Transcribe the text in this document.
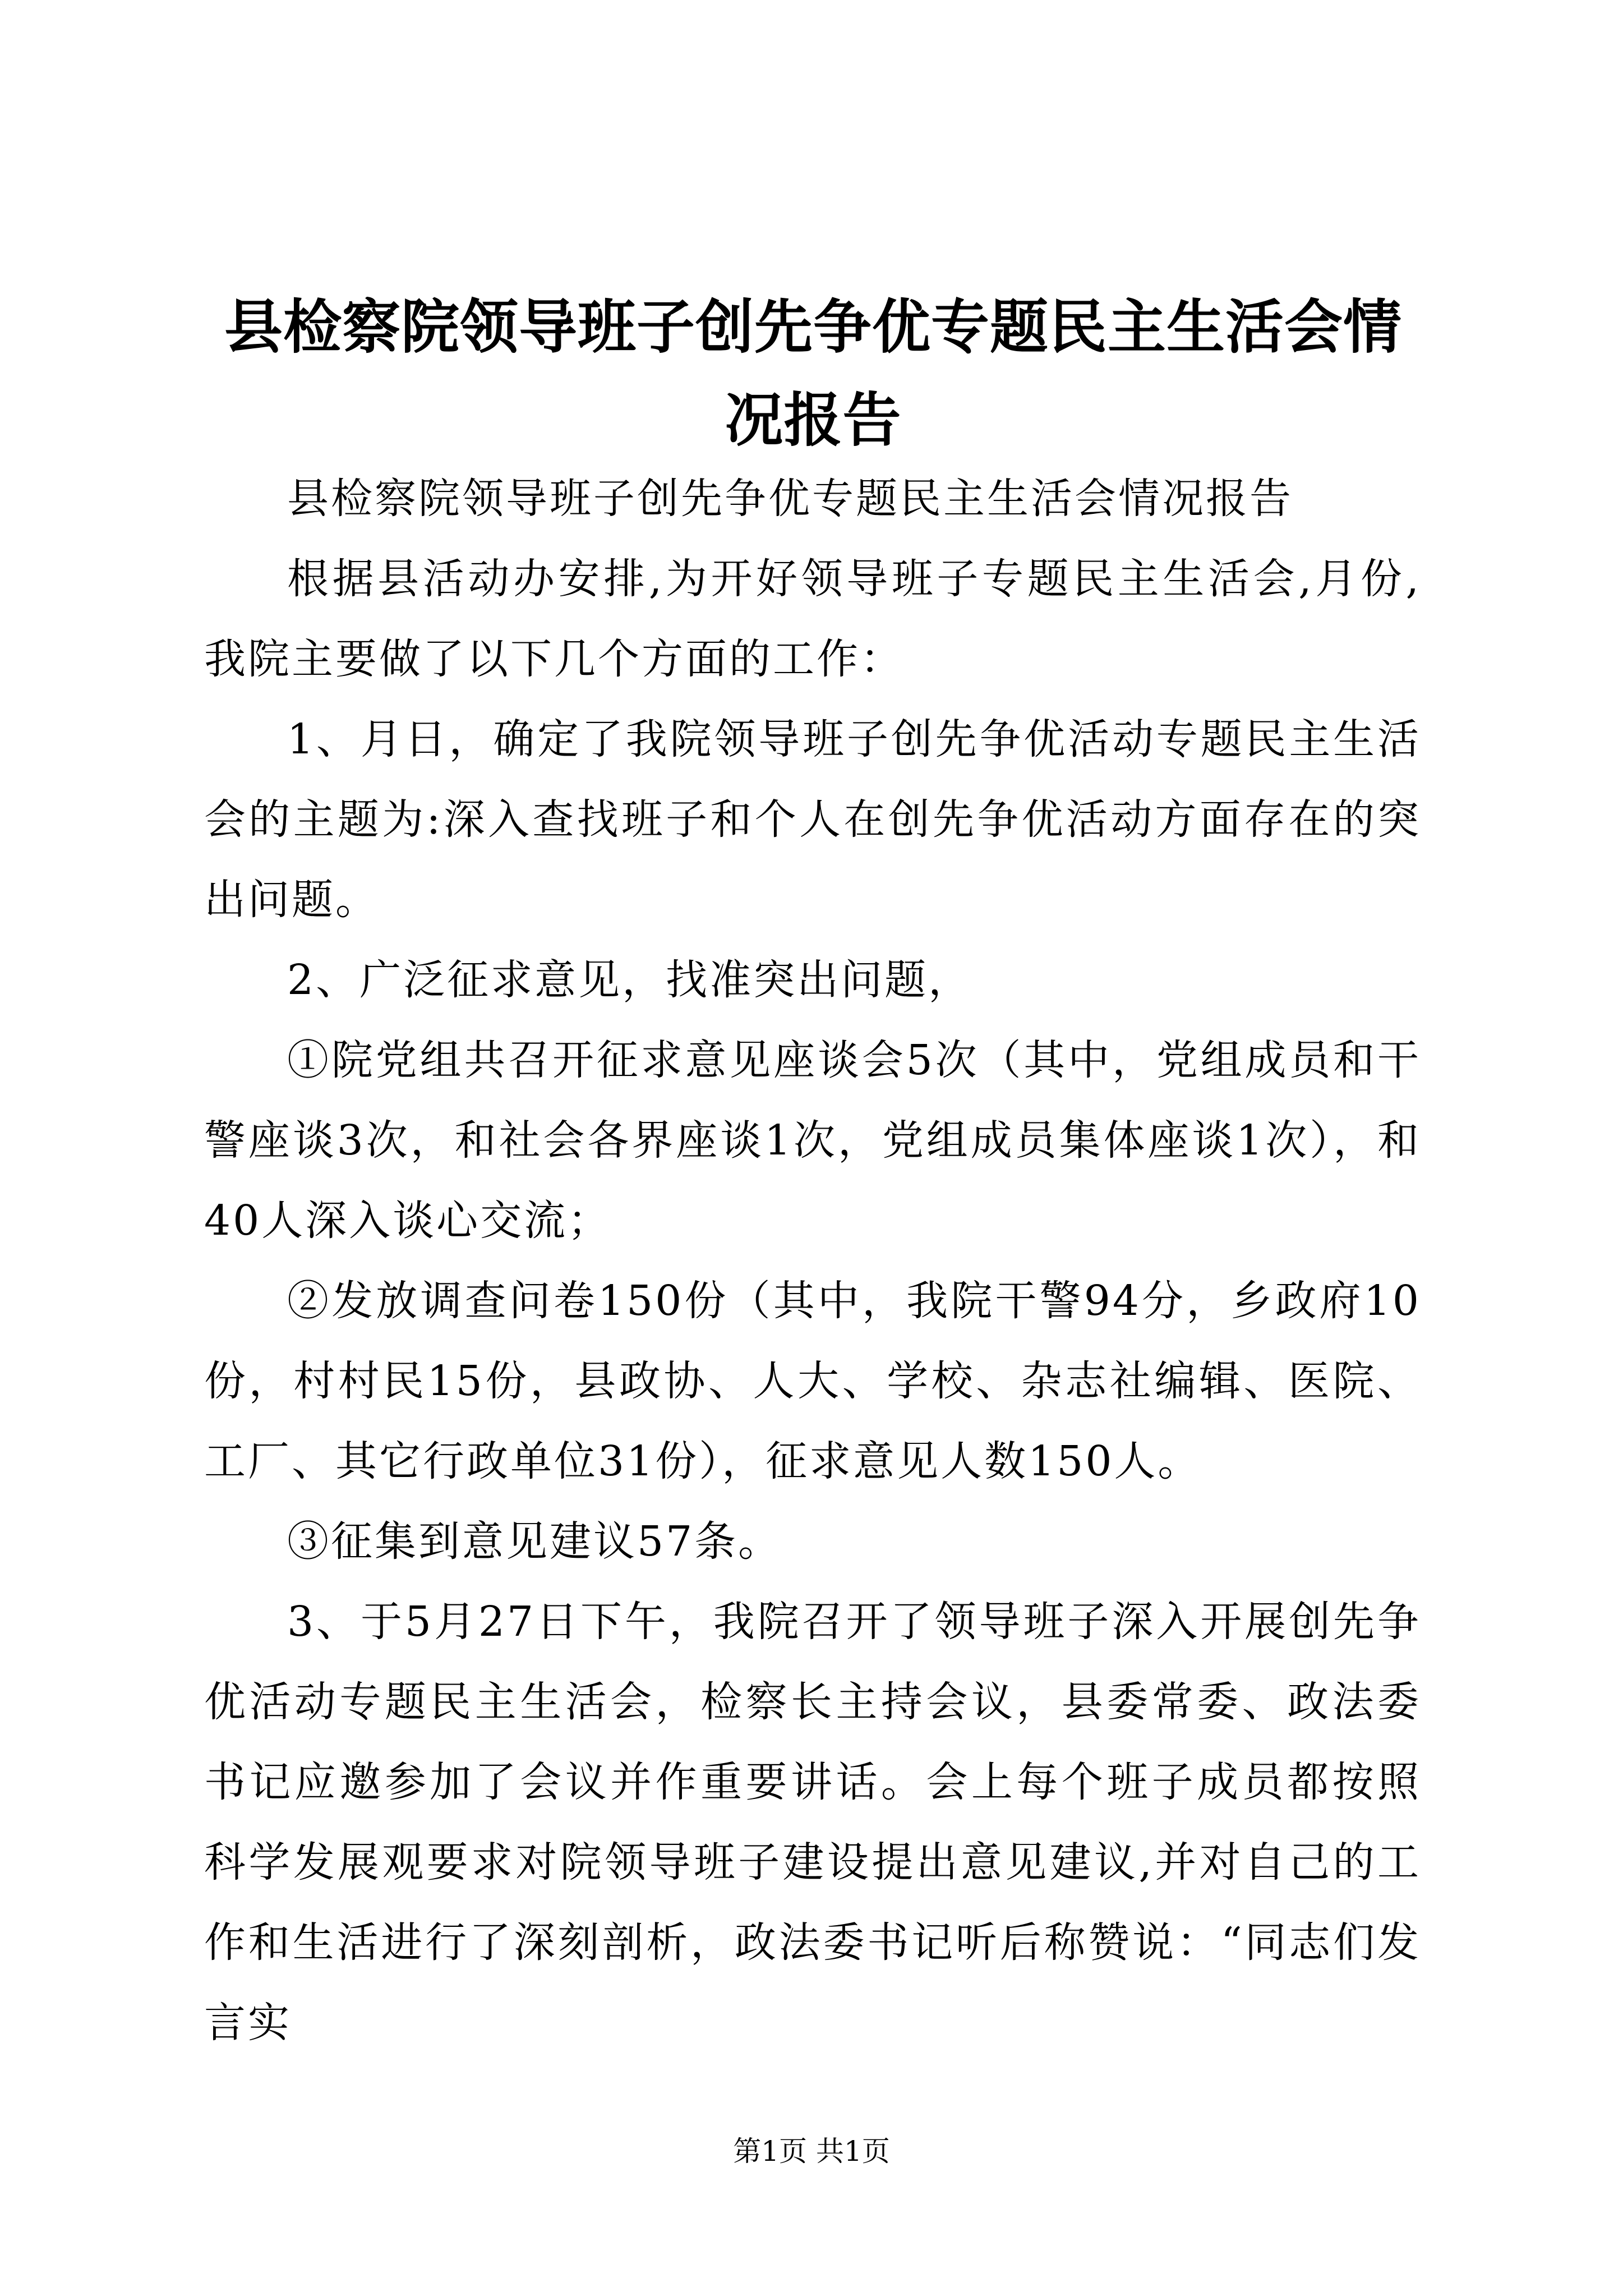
县检察院领导班子创先争优专题民主生活会情况报告

县检察院领导班子创先争优专题民主生活会情况报告

根据县活动办安排,为开好领导班子专题民主生活会,月份,我院主要做了以下几个方面的工作：

1、月日，确定了我院领导班子创先争优活动专题民主生活会的主题为:深入查找班子和个人在创先争优活动方面存在的突出问题。

2、广泛征求意见，找准突出问题，

①院党组共召开征求意见座谈会5次（其中，党组成员和干警座谈3次，和社会各界座谈1次，党组成员集体座谈1次），和40人深入谈心交流；

②发放调查问卷150份（其中，我院干警94分，乡政府10份，村村民15份，县政协、人大、学校、杂志社编辑、医院、工厂、其它行政单位31份），征求意见人数150人。

③征集到意见建议57条。

3、于5月27日下午，我院召开了领导班子深入开展创先争优活动专题民主生活会，检察长主持会议，县委常委、政法委书记应邀参加了会议并作重要讲话。会上每个班子成员都按照科学发展观要求对院领导班子建设提出意见建议,并对自己的工作和生活进行了深刻剖析，政法委书记听后称赞说：“同志们发言实

第1页 共1页
